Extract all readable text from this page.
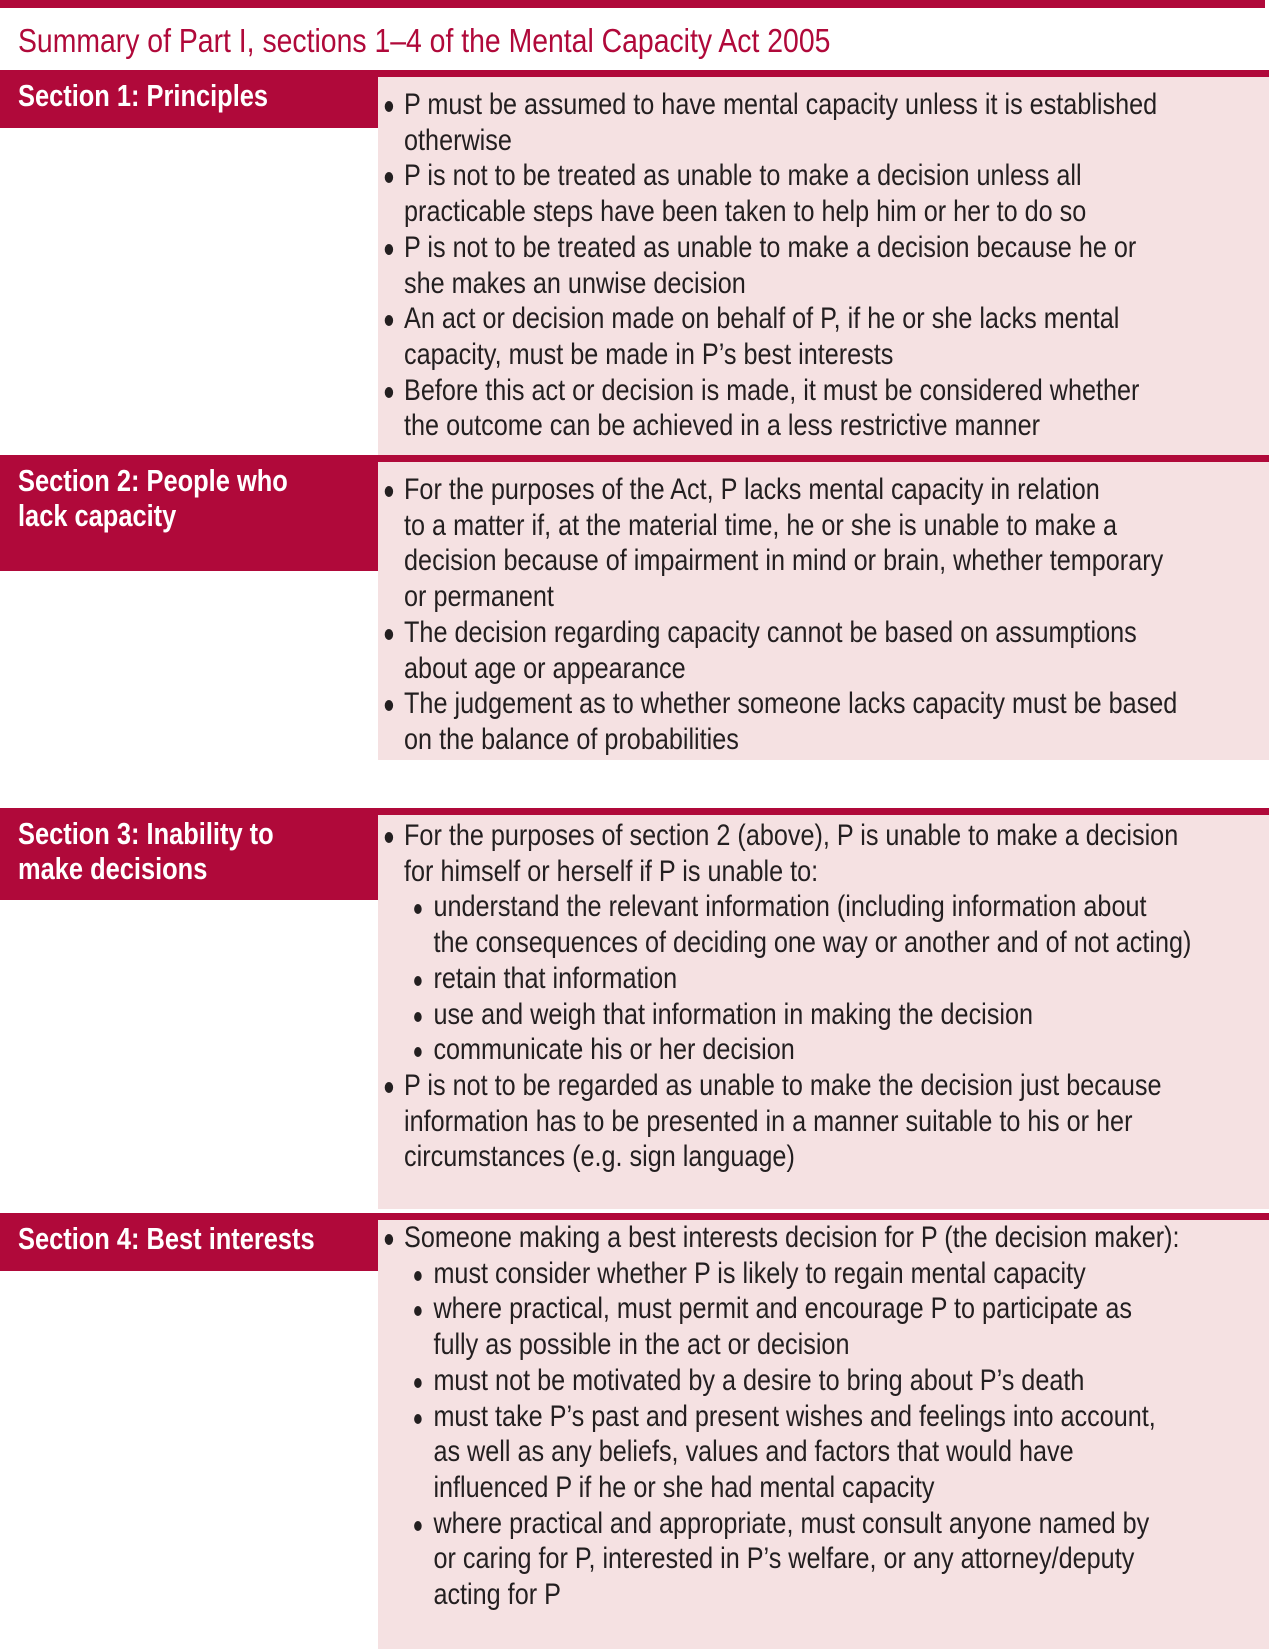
Summary of Part I, sections 1–4 of the Mental Capacity Act 2005
Section 1: Principles	P must be assumed to have mental capacity unless it is established
otherwise
P is not to be treated as unable to make a decision unless all
practicable steps have been taken to help him or her to do so
P is not to be treated as unable to make a decision because he or
she makes an unwise decision
An act or decision made on behalf of P, if he or she lacks mental
capacity, must be made in P’s best interests
Before this act or decision is made, it must be considered whether
the outcome can be achieved in a less restrictive manner
Section 2: People who
lack capacity
For the purposes of the Act, P lacks mental capacity in relation
to a matter if, at the material time, he or she is unable to make a
decision because of impairment in mind or brain, whether temporary
or permanent
The decision regarding capacity cannot be based on assumptions
about age or appearance
The judgement as to whether someone lacks capacity must be based
on the balance of probabilities
Section 3: Inability to
make decisions
For the purposes of section 2 (above), P is unable to make a decision
for himself or herself if P is unable to:
understand the relevant information (including information about
the consequences of deciding one way or another and of not acting)
retain that information
use and weigh that information in making the decision
communicate his or her decision
P is not to be regarded as unable to make the decision just because
information has to be presented in a manner suitable to his or her
circumstances (e.g. sign language)
Section 4: Best interests	Someone making a best interests decision for P (the decision maker):
must consider whether P is likely to regain mental capacity
where practical, must permit and encourage P to participate as
fully as possible in the act or decision
must not be motivated by a desire to bring about P’s death
must take P’s past and present wishes and feelings into account,
as well as any beliefs, values and factors that would have
influenced P if he or she had mental capacity
where practical and appropriate, must consult anyone named by
or caring for P, interested in P’s welfare, or any attorney/deputy
acting for P
